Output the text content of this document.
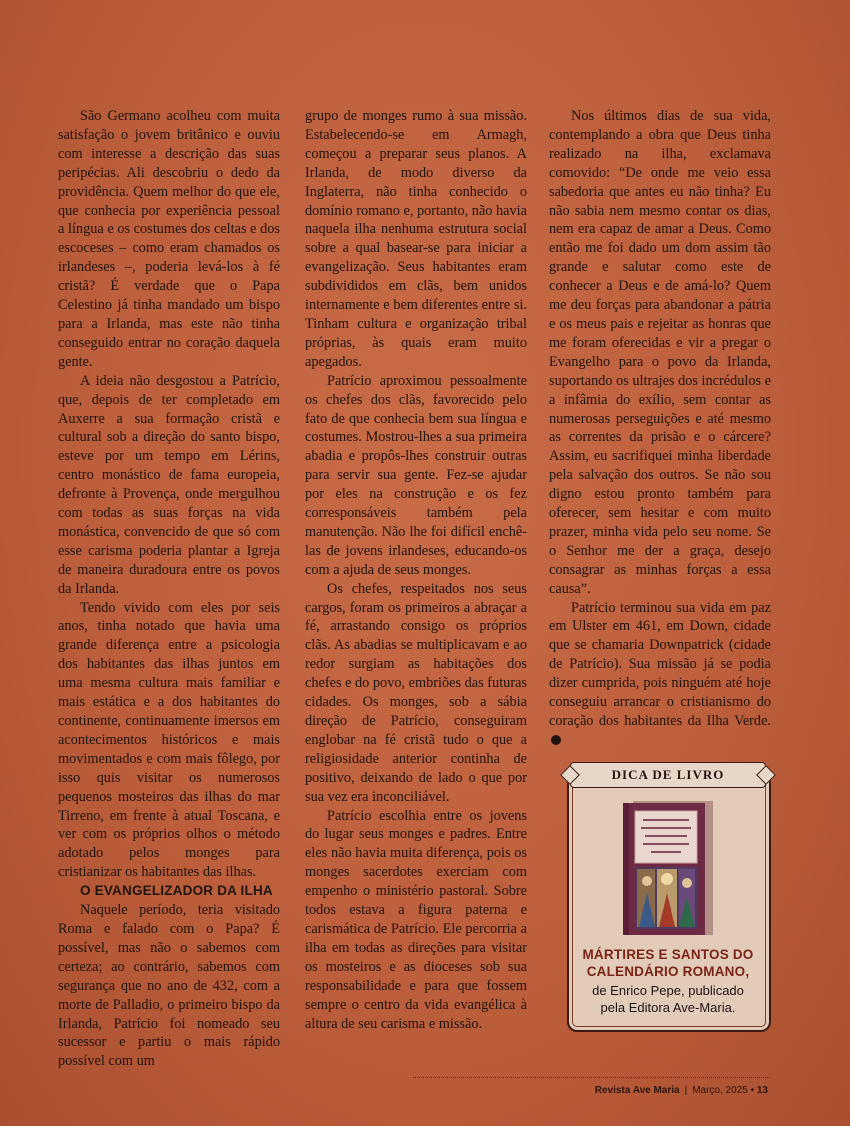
São Germano acolheu com muita satisfação o jovem britânico e ouviu com interesse a descrição das suas peripécias. Ali descobriu o dedo da providência. Quem melhor do que ele, que conhecia por experiência pessoal a língua e os costumes dos celtas e dos escoceses – como eram chamados os irlandeses –, poderia levá-los à fé cristã? É verdade que o Papa Celestino já tinha mandado um bispo para a Irlanda, mas este não tinha conseguido entrar no coração daquela gente.

A ideia não desgostou a Patrício, que, depois de ter completado em Auxerre a sua formação cristã e cultural sob a direção do santo bispo, esteve por um tempo em Lérins, centro monástico de fama europeia, defronte à Provença, onde mergulhou com todas as suas forças na vida monástica, convencido de que só com esse carisma poderia plantar a Igreja de maneira duradoura entre os povos da Irlanda.

Tendo vivido com eles por seis anos, tinha notado que havia uma grande diferença entre a psicologia dos habitantes das ilhas juntos em uma mesma cultura mais familiar e mais estática e a dos habitantes do continente, continuamente imersos em acontecimentos históricos e mais movimentados e com mais fôlego, por isso quis visitar os numerosos pequenos mosteiros das ilhas do mar Tirreno, em frente à atual Toscana, e ver com os próprios olhos o método adotado pelos monges para cristianizar os habitantes das ilhas.

O EVANGELIZADOR DA ILHA

Naquele período, teria visitado Roma e falado com o Papa? É possível, mas não o sabemos com certeza; ao contrário, sabemos com segurança que no ano de 432, com a morte de Palladio, o primeiro bispo da Irlanda, Patrício foi nomeado seu sucessor e partiu o mais rápido possível com um

grupo de monges rumo à sua missão. Estabelecendo-se em Armagh, começou a preparar seus planos. A Irlanda, de modo diverso da Inglaterra, não tinha conhecido o domínio romano e, portanto, não havia naquela ilha nenhuma estrutura social sobre a qual basear-se para iniciar a evangelização. Seus habitantes eram subdivididos em clãs, bem unidos internamente e bem diferentes entre si. Tinham cultura e organização tribal próprias, às quais eram muito apegados.

Patrício aproximou pessoalmente os chefes dos clãs, favorecido pelo fato de que conhecia bem sua língua e costumes. Mostrou-lhes a sua primeira abadia e propôs-lhes construir outras para servir sua gente. Fez-se ajudar por eles na construção e os fez corresponsáveis também pela manutenção. Não lhe foi difícil enchê-las de jovens irlandeses, educando-os com a ajuda de seus monges.

Os chefes, respeitados nos seus cargos, foram os primeiros a abraçar a fé, arrastando consigo os próprios clãs. As abadias se multiplicavam e ao redor surgiam as habitações dos chefes e do povo, embriões das futuras cidades. Os monges, sob a sábia direção de Patrício, conseguiram englobar na fé cristã tudo o que a religiosidade anterior continha de positivo, deixando de lado o que por sua vez era inconciliável.

Patrício escolhia entre os jovens do lugar seus monges e padres. Entre eles não havia muita diferença, pois os monges sacerdotes exerciam com empenho o ministério pastoral. Sobre todos estava a figura paterna e carismática de Patrício. Ele percorria a ilha em todas as direções para visitar os mosteiros e as dioceses sob sua responsabilidade e para que fossem sempre o centro da vida evangélica à altura de seu carisma e missão.

Nos últimos dias de sua vida, contemplando a obra que Deus tinha realizado na ilha, exclamava comovido: “De onde me veio essa sabedoria que antes eu não tinha? Eu não sabia nem mesmo contar os dias, nem era capaz de amar a Deus. Como então me foi dado um dom assim tão grande e salutar como este de conhecer a Deus e de amá-lo? Quem me deu forças para abandonar a pátria e os meus pais e rejeitar as honras que me foram oferecidas e vir a pregar o Evangelho para o povo da Irlanda, suportando os ultrajes dos incrédulos e a infâmia do exílio, sem contar as numerosas perseguições e até mesmo as correntes da prisão e o cárcere? Assim, eu sacrifiquei minha liberdade pela salvação dos outros. Se não sou digno estou pronto também para oferecer, sem hesitar e com muito prazer, minha vida pelo seu nome. Se o Senhor me der a graça, desejo consagrar as minhas forças a essa causa”.

Patrício terminou sua vida em paz em Ulster em 461, em Down, cidade que se chamaria Downpatrick (cidade de Patrício). Sua missão já se podia dizer cumprida, pois ninguém até hoje conseguiu arrancar o cristianismo do coração dos habitantes da Ilha Verde.

DICA DE LIVRO
MÁRTIRES E SANTOS DO
CALENDÁRIO ROMANO,
de Enrico Pepe, publicado
pela Editora Ave-Maria.
Revista Ave Maria | Março, 2025 • 13
